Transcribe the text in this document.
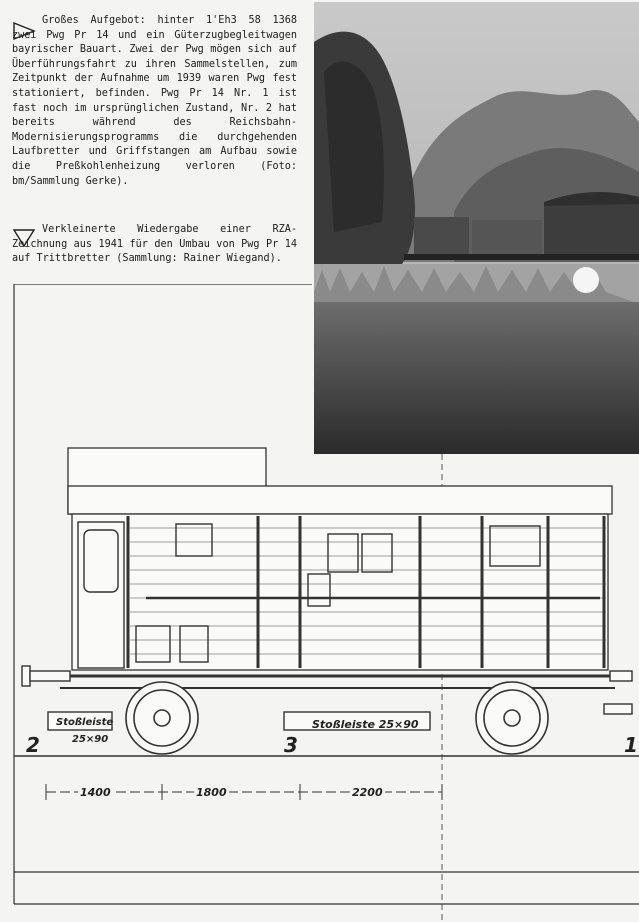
Großes Aufgebot: hinter 1'Eh3 58 1368 zwei Pwg Pr 14 und ein Güterzugbegleitwagen bayrischer Bauart. Zwei der Pwg mögen sich auf Überführungsfahrt zu ihren Sammelstellen, zum Zeitpunkt der Aufnahme um 1939 waren Pwg fest stationiert, befinden. Pwg Pr 14 Nr. 1 ist fast noch im ursprünglichen Zustand, Nr. 2 hat bereits während des Reichsbahn-Modernisierungsprogramms die durchgehenden Laufbretter und Griffstangen am Aufbau sowie die Preßkohlenheizung verloren (Foto: bm/Sammlung Gerke).
Verkleinerte Wiedergabe einer RZA-Zeichnung aus 1941 für den Umbau von Pwg Pr 14 auf Trittbretter (Sammlung: Rainer Wiegand).
Stoßleiste
25×90
Stoßleiste 25×90
2	3	1
1400	1800	2200
